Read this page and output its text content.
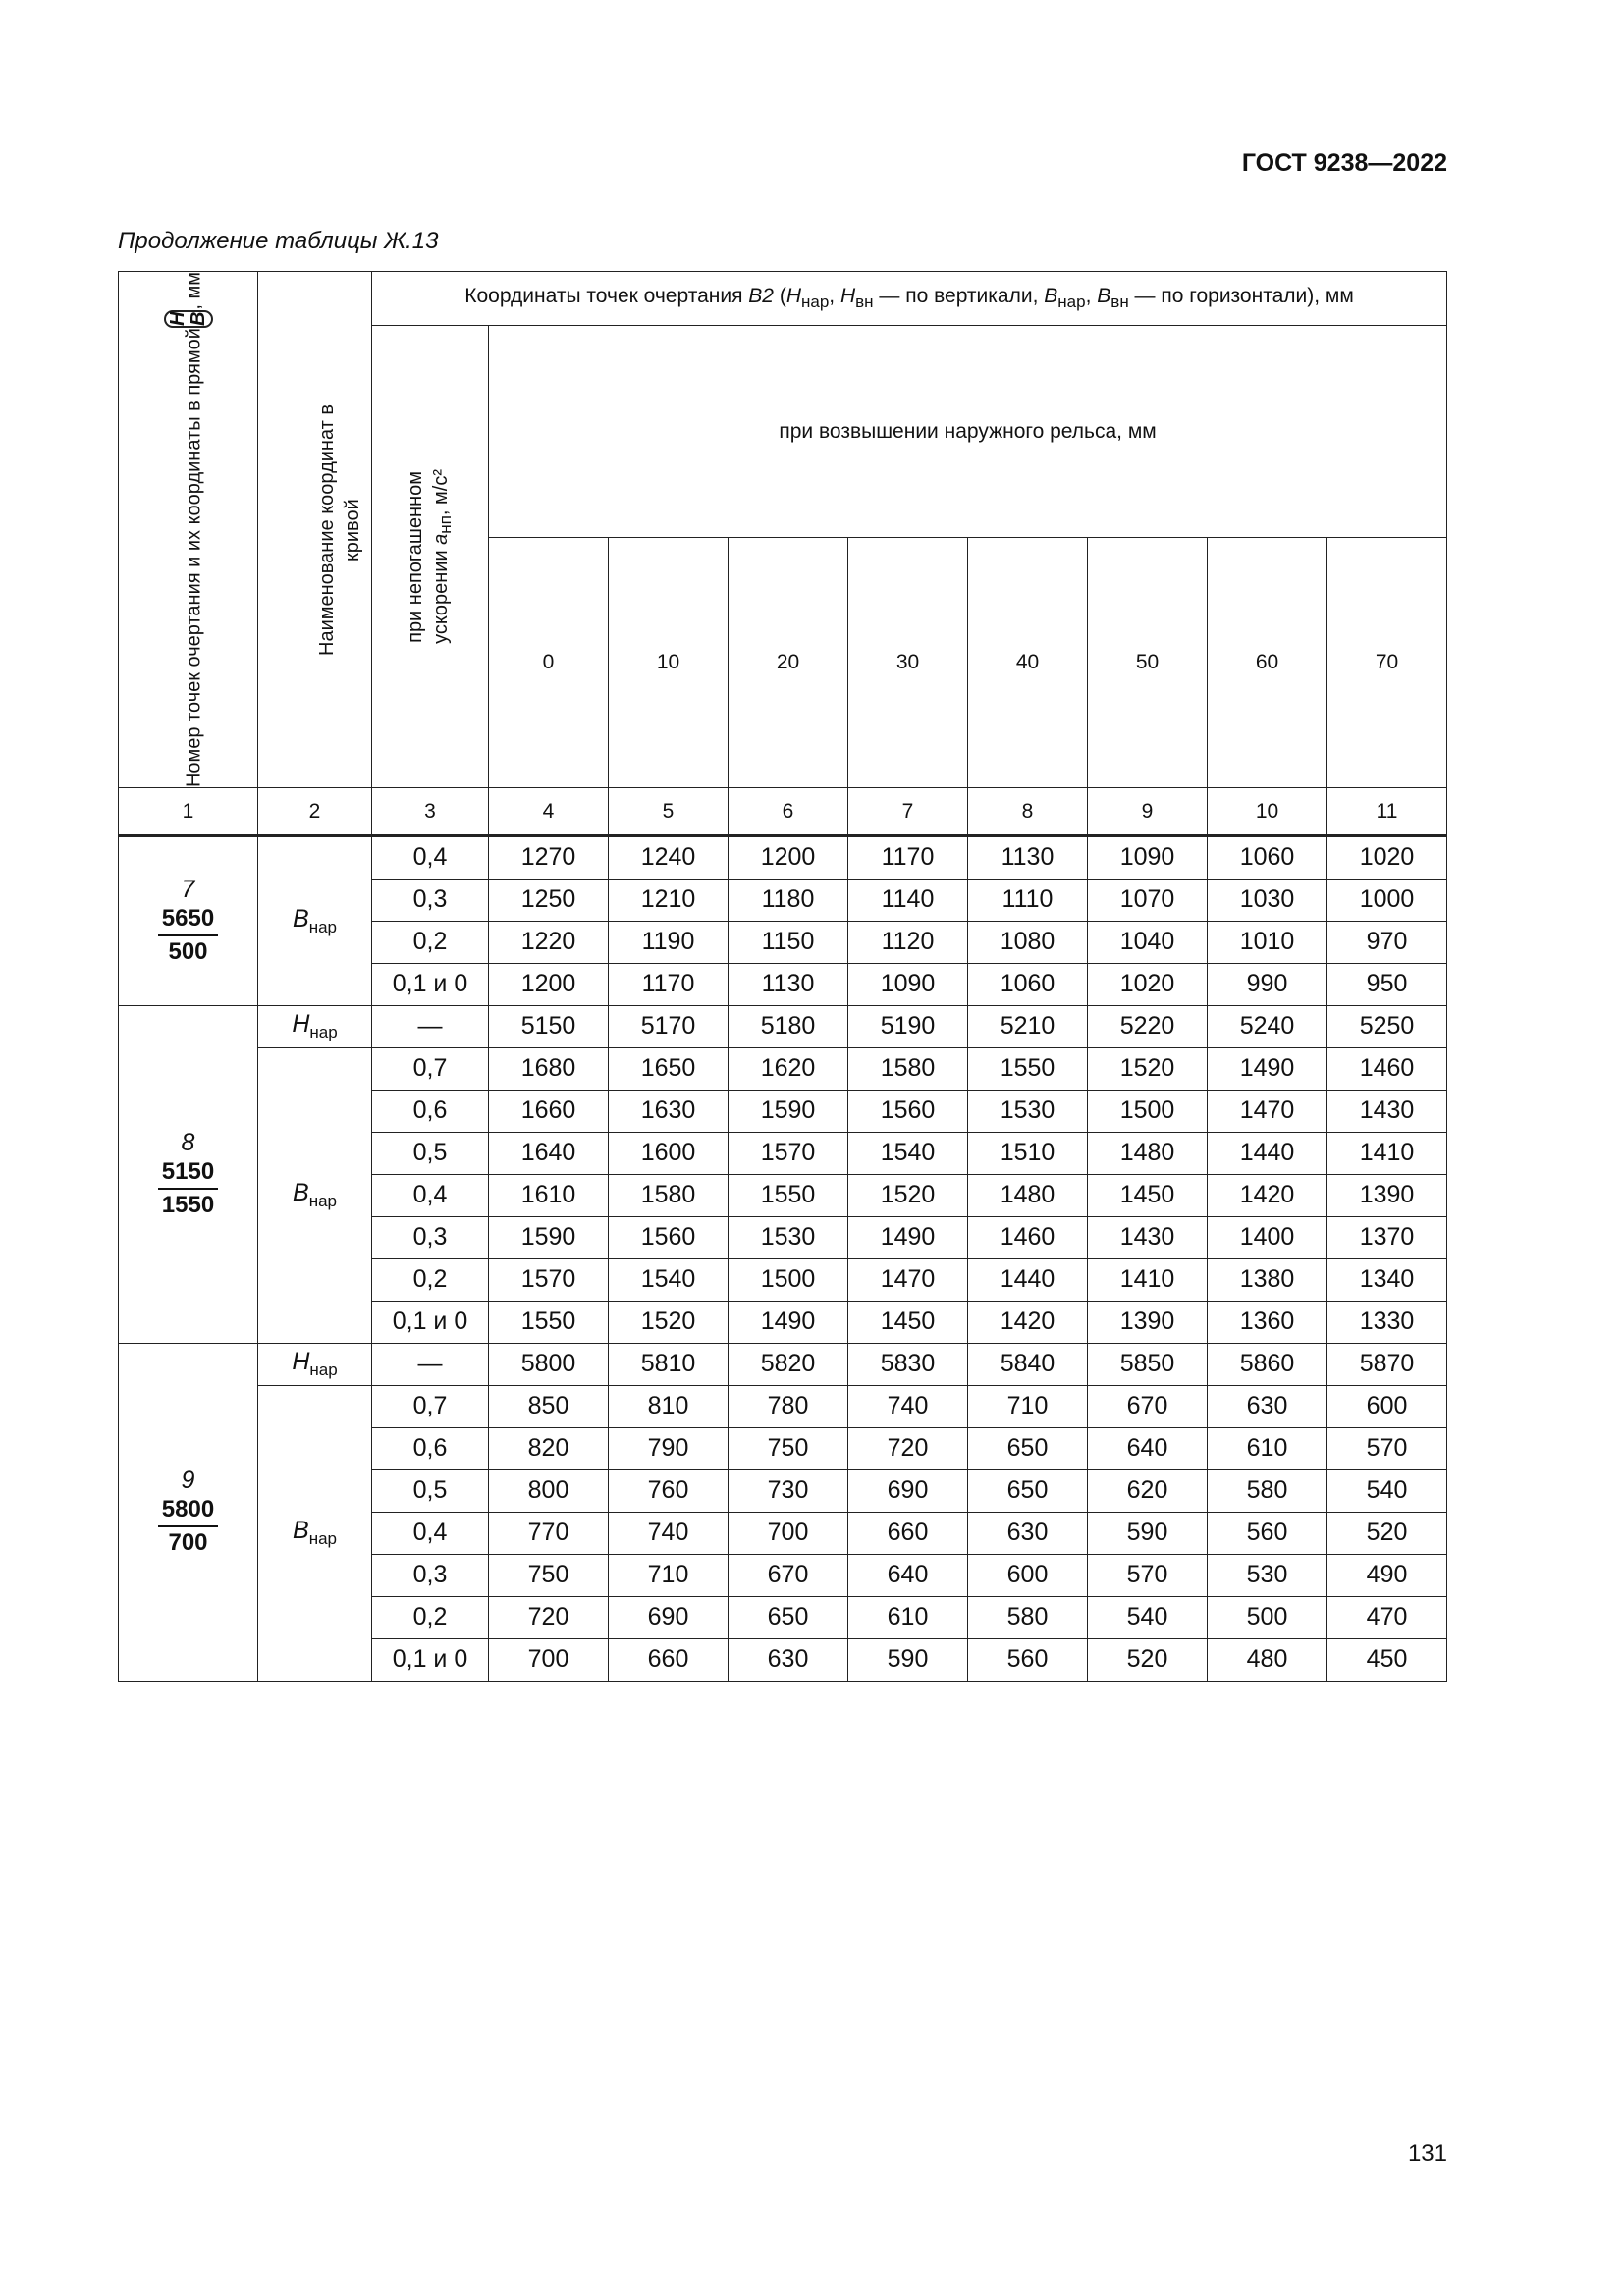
ГОСТ 9238—2022
Продолжение таблицы Ж.13
Номер точек очертания и их координаты в прямой
H B
, мм	Наименование координат в кривой	Координаты точек очертания В2 ($H_{нар}$, $H_{вн}$ — по вертикали, $B_{нар}$, $B_{вн}$ — по горизонтали), мм								

		при непогашенном ускорении $a_{нп}$, м/с²	при возвышении наружного рельса, мм							
			0	10	20	30	40	50	60	70
1	2	3	4	5	6	7	8	9	10	11

7
$\frac{5650}{500}$	$B_{нар}$	0,4	1270	1240	1200	1170	1130	1090	1060	1020
		0,3	1250	1210	1180	1140	1110	1070	1030	1000
		0,2	1220	1190	1150	1120	1080	1040	1010	970
		0,1 и 0	1200	1170	1130	1090	1060	1020	990	950

8
$\frac{5150}{1550}$	$H_{нар}$	—	5150	5170	5180	5190	5210	5220	5240	5250
	$B_{нар}$	0,7	1680	1650	1620	1580	1550	1520	1490	1460
		0,6	1660	1630	1590	1560	1530	1500	1470	1430
		0,5	1640	1600	1570	1540	1510	1480	1440	1410
		0,4	1610	1580	1550	1520	1480	1450	1420	1390
		0,3	1590	1560	1530	1490	1460	1430	1400	1370
		0,2	1570	1540	1500	1470	1440	1410	1380	1340
		0,1 и 0	1550	1520	1490	1450	1420	1390	1360	1330

9
$\frac{5800}{700}$	$H_{нар}$	—	5800	5810	5820	5830	5840	5850	5860	5870
	$B_{нар}$	0,7	850	810	780	740	710	670	630	600
		0,6	820	790	750	720	650	640	610	570
		0,5	800	760	730	690	650	620	580	540
		0,4	770	740	700	660	630	590	560	520
		0,3	750	710	670	640	600	570	530	490
		0,2	720	690	650	610	580	540	500	470
		0,1 и 0	700	660	630	590	560	520	480	450
131
